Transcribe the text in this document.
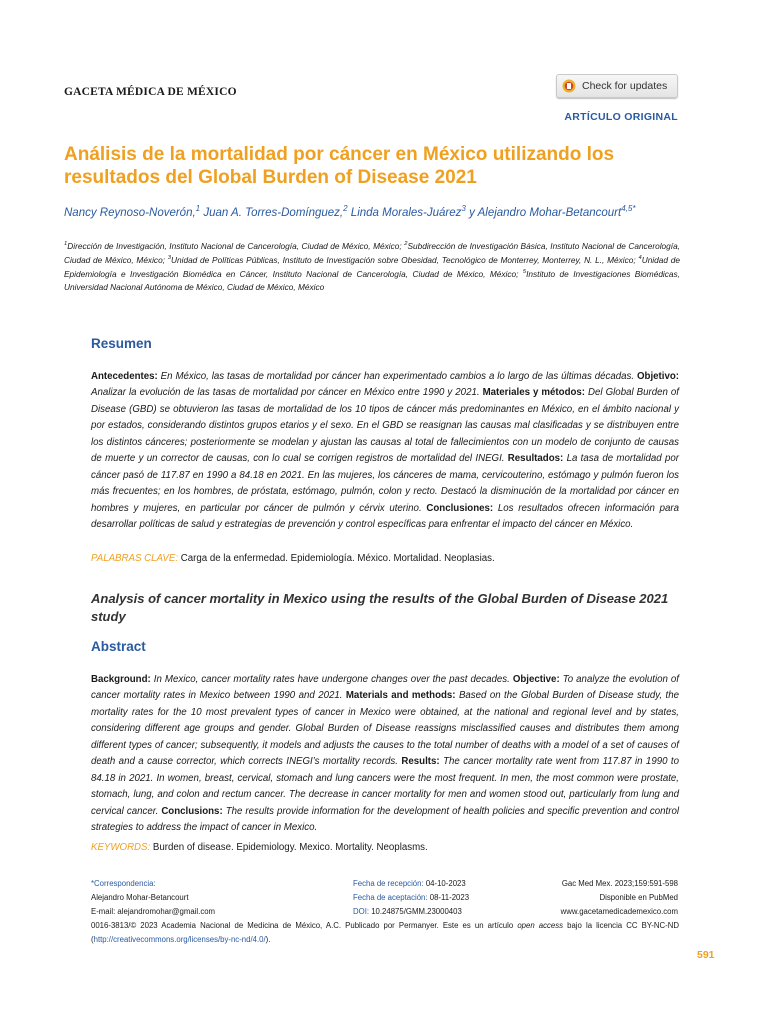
GACETA MÉDICA DE MÉXICO	Check for updates
ARTÍCULO ORIGINAL
Análisis de la mortalidad por cáncer en México utilizando los resultados del Global Burden of Disease 2021
Nancy Reynoso-Noverón,$^1$ Juan A. Torres-Domínguez,$^2$ Linda Morales-Juárez$^3$ y Alejandro Mohar-Betancourt$^{4,5*}$
$^1$Dirección de Investigación, Instituto Nacional de Cancerología, Ciudad de México, México; $^2$Subdirección de Investigación Básica, Instituto Nacional de Cancerología, Ciudad de México, México; $^3$Unidad de Políticas Públicas, Instituto de Investigación sobre Obesidad, Tecnológico de Monterrey, Monterrey, N. L., México; $^4$Unidad de Epidemiología e Investigación Biomédica en Cáncer, Instituto Nacional de Cancerología, Ciudad de México, México; $^5$Instituto de Investigaciones Biomédicas, Universidad Nacional Autónoma de México, Ciudad de México, México
Resumen
Antecedentes: En México, las tasas de mortalidad por cáncer han experimentado cambios a lo largo de las últimas décadas. Objetivo: Analizar la evolución de las tasas de mortalidad por cáncer en México entre 1990 y 2021. Materiales y métodos: Del Global Burden of Disease (GBD) se obtuvieron las tasas de mortalidad de los 10 tipos de cáncer más predominantes en México, en el ámbito nacional y por estados, considerando distintos grupos etarios y el sexo. En el GBD se reasignan las causas mal clasificadas y se distribuyen entre los distintos cánceres; posteriormente se modelan y ajustan las causas al total de fallecimientos con un modelo de conjunto de causas de muerte y un corrector de causas, con lo cual se corrigen registros de mortalidad del INEGI. Resultados: La tasa de mortalidad por cáncer pasó de 117.87 en 1990 a 84.18 en 2021. En las mujeres, los cánceres de mama, cervicouterino, estómago y pulmón fueron los más frecuentes; en los hombres, de próstata, estómago, pulmón, colon y recto. Destacó la disminución de la mortalidad por cáncer en hombres y mujeres, en particular por cáncer de pulmón y cérvix uterino. Conclusiones: Los resultados ofrecen información para desarrollar políticas de salud y estrategias de prevención y control específicas para enfrentar el impacto del cáncer en México.
PALABRAS CLAVE: Carga de la enfermedad. Epidemiología. México. Mortalidad. Neoplasias.
Analysis of cancer mortality in Mexico using the results of the Global Burden of Disease 2021 study
Abstract
Background: In Mexico, cancer mortality rates have undergone changes over the past decades. Objective: To analyze the evolution of cancer mortality rates in Mexico between 1990 and 2021. Materials and methods: Based on the Global Burden of Disease study, the mortality rates for the 10 most prevalent types of cancer in Mexico were obtained, at the national and regional level and by states, considering different age groups and gender. Global Burden of Disease reassigns misclassified causes and distributes them among different types of cancer; subsequently, it models and adjusts the causes to the total number of deaths with a model of a set of causes of death and a cause corrector, which corrects INEGI’s mortality records. Results: The cancer mortality rate went from 117.87 in 1990 to 84.18 in 2021. In women, breast, cervical, stomach and lung cancers were the most frequent. In men, the most common were prostate, stomach, lung, and colon and rectum cancer. The decrease in cancer mortality for men and women stood out, particularly from lung and cervical cancer. Conclusions: The results provide information for the development of health policies and specific prevention and control strategies to address the impact of cancer in Mexico.
KEYWORDS: Burden of disease. Epidemiology. Mexico. Mortality. Neoplasms.
*Correspondencia:
Alejandro Mohar-Betancourt
E-mail: alejandromohar@gmail.com
Fecha de recepción: 04-10-2023
Fecha de aceptación: 08-11-2023
DOI: 10.24875/GMM.23000403
Gac Med Mex. 2023;159:591-598
Disponible en PubMed
www.gacetamedicademexico.com
0016-3813/© 2023 Academia Nacional de Medicina de México, A.C. Publicado por Permanyer. Este es un artículo open access bajo la licencia CC BY-NC-ND (http://creativecommons.org/licenses/by-nc-nd/4.0/).
591
